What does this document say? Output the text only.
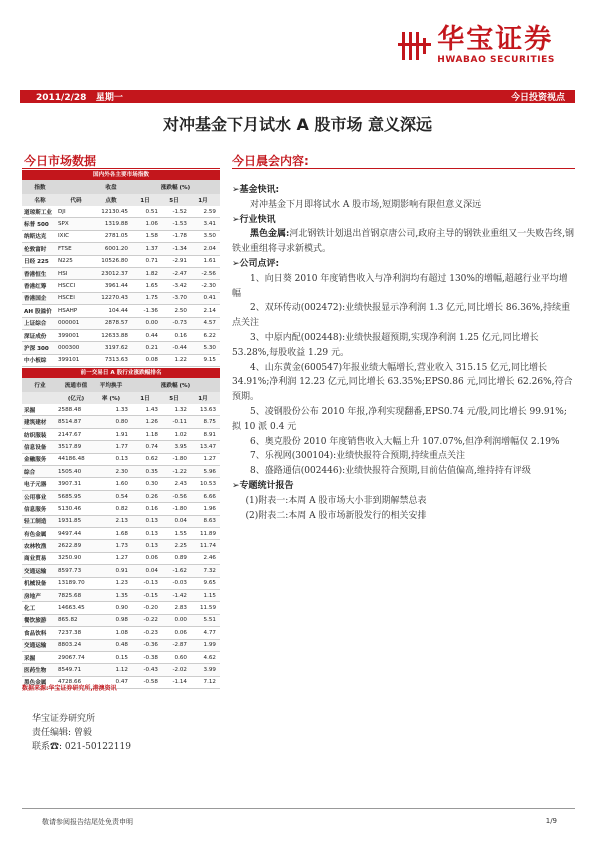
华宝证券
HWABAO SECURITIES
2011/2/28 星期一	今日投资视点
对冲基金下月试水 A 股市场 意义深远
今日市场数据	今日晨会内容:
国内外各主要市场指数
指数	收盘	涨跌幅 (%)
名称	代码	点数	1日	5日	1月
道琼斯工业	DJI	12130.45	0.51	-1.52	2.59
标普 500	SPX	1319.88	1.06	-1.53	3.41
纳斯达克	IXIC	2781.05	1.58	-1.78	3.50
伦敦富时	FTSE	6001.20	1.37	-1.34	2.04
日经 225	N225	10526.80	0.71	-2.91	1.61
香港恒生	HSI	23012.37	1.82	-2.47	-2.56
香港红筹	HSCCI	3961.44	1.65	-3.42	-2.30
香港国企	HSCEI	12270.43	1.75	-3.70	0.41
AH 股溢价	HSAHP	104.44	-1.36	2.50	2.14
上证综合	000001	2878.57	0.00	-0.73	4.57
深证成份	399001	12633.88	0.44	0.16	6.22
沪深 300	000300	3197.62	0.21	-0.44	5.30
中小板综	399101	7313.63	0.08	1.22	9.15
前一交易日 A 股行业涨跌幅排名
行业	流通市值	平均换手	涨跌幅 (%)
(亿元)	率 (%)	1日	5日	1月
采掘	2588.48	1.33	1.43	1.32	13.63
建筑建材	8514.87	0.80	1.26	-0.11	8.75
纺织服装	2147.67	1.91	1.18	1.02	8.91
信息设备	3517.89	1.77	0.74	3.95	13.47
金融服务	44186.48	0.13	0.62	-1.80	1.27
综合	1505.40	2.30	0.35	-1.22	5.96
电子元器	3907.31	1.60	0.30	2.43	10.53
公用事业	5685.95	0.54	0.26	-0.56	6.66
信息服务	5130.46	0.82	0.16	-1.80	1.96
轻工制造	1931.85	2.13	0.13	0.04	8.63
有色金属	9497.44	1.68	0.13	1.55	11.89
农林牧渔	2622.89	1.73	0.13	2.25	11.74
商业贸易	3250.90	1.27	0.06	0.89	2.46
交通运输	8597.73	0.91	0.04	-1.62	7.32
机械设备	13189.70	1.23	-0.13	-0.03	9.65
房地产	7825.68	1.35	-0.15	-1.42	1.15
化工	14663.45	0.90	-0.20	2.83	11.59
餐饮旅游	865.82	0.98	-0.22	0.00	5.51
食品饮料	7237.38	1.08	-0.23	0.06	4.77
交通运输	8803.24	0.48	-0.36	-2.87	1.99
采掘	29067.74	0.15	-0.38	0.60	4.62
医药生物	8549.71	1.12	-0.43	-2.02	3.99
黑色金属	4728.66	0.47	-0.58	-1.14	7.12
数据来源:华宝证券研究所,港澳资讯

➢基金快讯:

对冲基金下月即将试水 A 股市场,短期影响有限但意义深远

➢行业快讯

黑色金属:河北钢铁计划退出首钢京唐公司,政府主导的钢铁业重组又一失败告终,钢铁业重组将寻求新模式。

➢公司点评:

1、向日葵 2010 年度销售收入与净利润均有超过 130%的增幅,超越行业平均增幅

2、双环传动(002472):业绩快报显示净利润 1.3 亿元,同比增长 86.36%,持续重点关注

3、中原内配(002448):业绩快报超预期,实现净利润 1.25 亿元,同比增长 53.28%,每股收益 1.29 元。

4、山东黄金(600547)年报业绩大幅增长,营业收入 315.15 亿元,同比增长 34.91%;净利润 12.23 亿元,同比增长 63.35%;EPS0.86 元,同比增长 62.26%,符合预期。

5、凌钢股份公布 2010 年报,净利实现翻番,EPS0.74 元/股,同比增长 99.91%;拟 10 派 0.4 元

6、奥克股份 2010 年度销售收入大幅上升 107.07%,但净利润增幅仅 2.19%

7、乐视网(300104):业绩快报符合预期,持续重点关注

8、盛路通信(002446):业绩快报符合预期,目前估值偏高,维持持有评级

➢专题统计报告

(1)附表一:本周 A 股市场大小非到期解禁总表

(2)附表二:本周 A 股市场新股发行的相关安排

华宝证券研究所
责任编辑: 曾毅
联系☎: 021-50122119
敬请参阅报告结尾处免责申明	1/9
